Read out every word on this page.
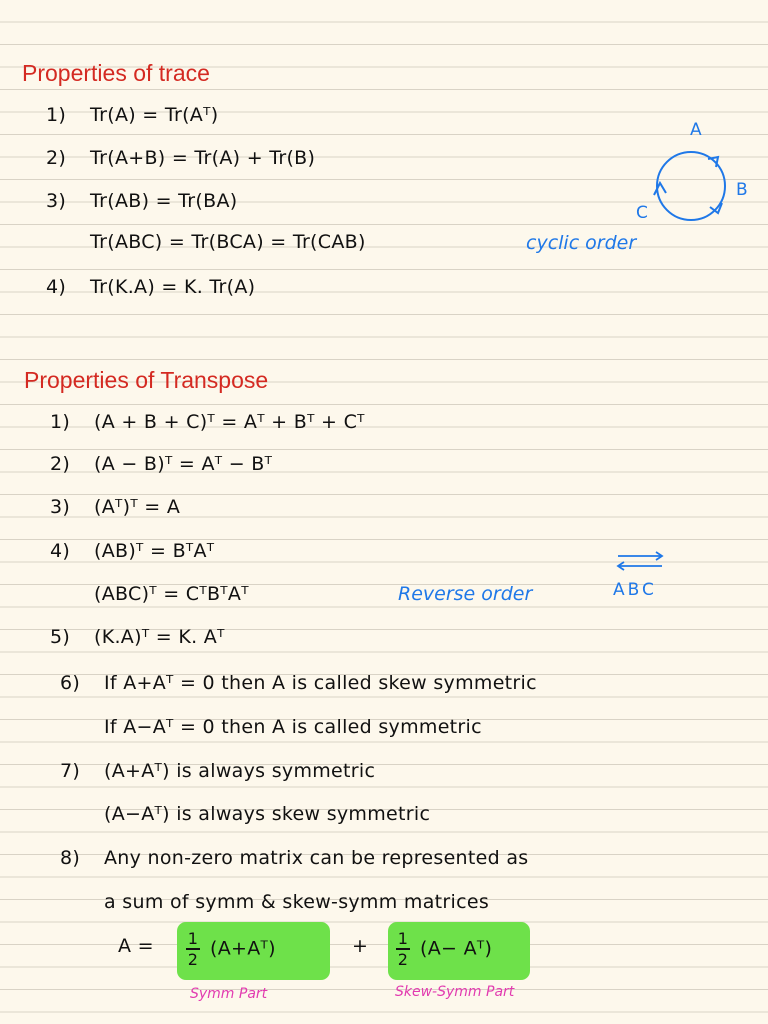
Properties of trace
1) Tr(A) = Tr(Aᵀ)
2) Tr(A+B) = Tr(A) + Tr(B)
3) Tr(AB) = Tr(BA)
Tr(ABC) = Tr(BCA) = Tr(CAB)	cyclic order
4) Tr(K.A) = K. Tr(A)
A
B
C
Properties of Transpose
1) (A + B + C)ᵀ = Aᵀ + Bᵀ + Cᵀ
2) (A − B)ᵀ = Aᵀ − Bᵀ
3) (Aᵀ)ᵀ = A
4) (AB)ᵀ = BᵀAᵀ
(ABC)ᵀ = CᵀBᵀAᵀ	Reverse order	ABC
5) (K.A)ᵀ = K. Aᵀ
6) If A+Aᵀ = 0 then A is called skew symmetric
If A−Aᵀ = 0 then A is called symmetric
7) (A+Aᵀ) is always symmetric
(A−Aᵀ) is always skew symmetric
8) Any non-zero matrix can be represented as
a sum of symm & skew-symm matrices
$A = \frac{1}{2}$ (A+Aᵀ)	+ $\frac{1}{2} (A-$ Aᵀ)
Symm Part	Skew-Symm Part
